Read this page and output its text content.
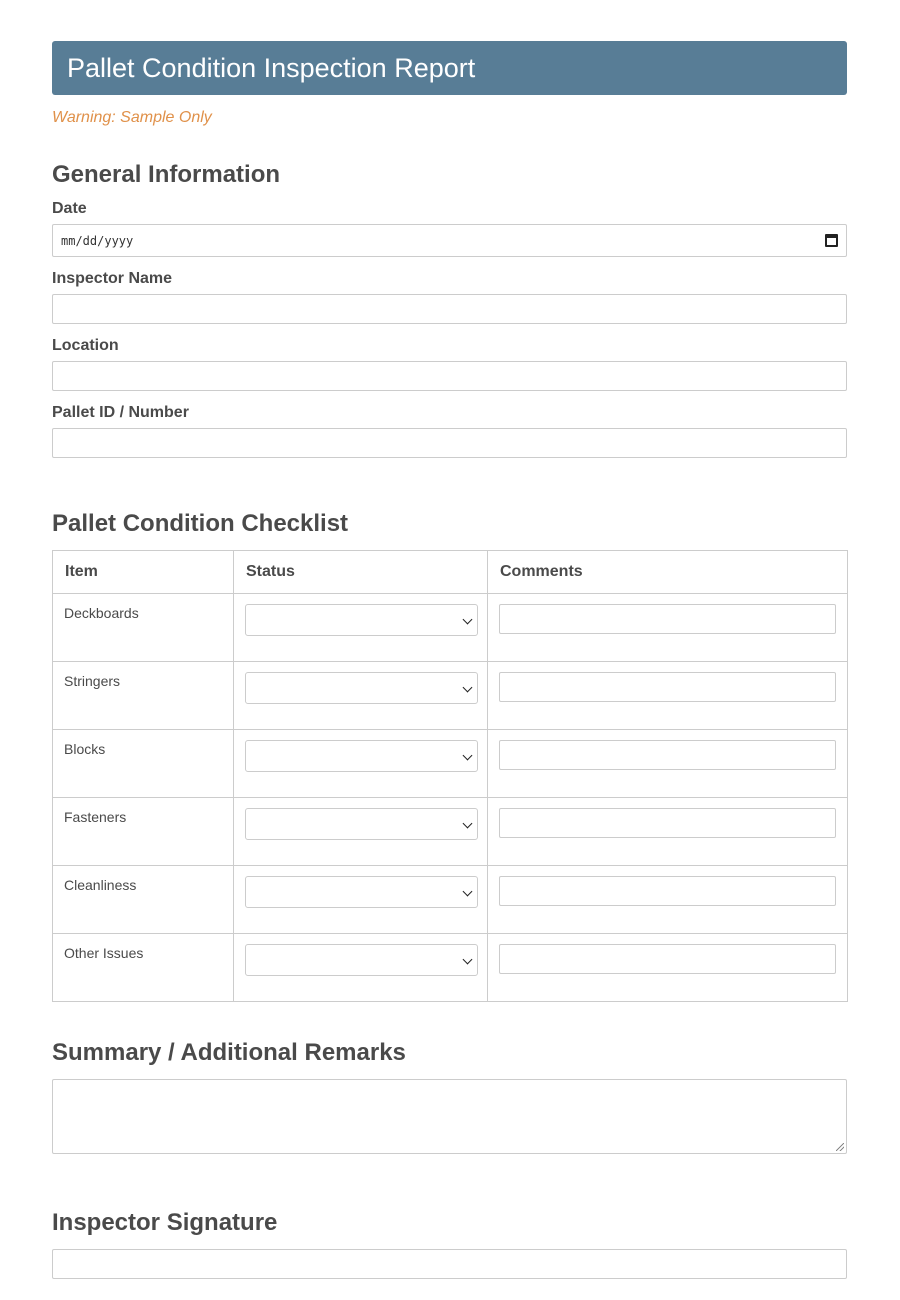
Pallet Condition Inspection Report
Warning: Sample Only
General Information
Date
mm/dd/yyyy
Inspector Name
Location
Pallet ID / Number
Pallet Condition Checklist
Item	Status	Comments
Deckboards	

Stringers	

Blocks	

Fasteners	

Cleanliness	

Other Issues	

Summary / Additional Remarks
Inspector Signature
